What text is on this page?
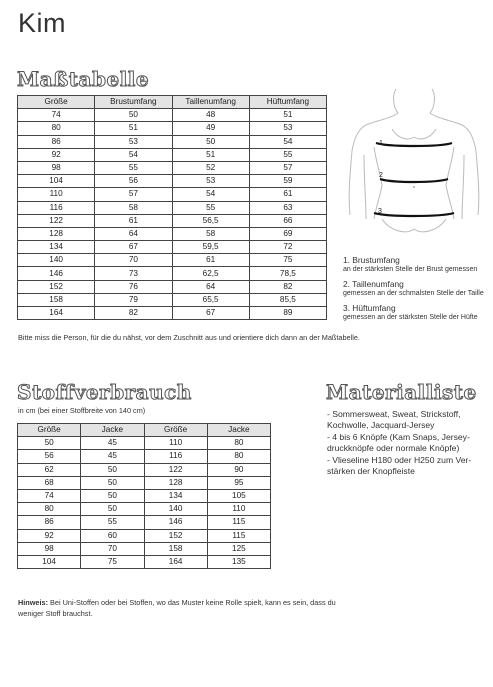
Kim
Maßtabelle
Größe	Brustumfang	Taillenumfang	Hüftumfang
74	50	48	51
80	51	49	53
86	53	50	54
92	54	51	55
98	55	52	57
104	56	53	59
110	57	54	61
116	58	55	63
122	61	56,5	66
128	64	58	69
134	67	59,5	72
140	70	61	75
146	73	62,5	78,5
152	76	64	82
158	79	65,5	85,5
164	82	67	89
Bitte miss die Person, für die du nähst, vor dem Zuschnitt aus und orientiere dich dann an der Maßtabelle.
1
2
3
1. Brustumfang
an der stärksten Stelle der Brust gemessen
2. Taillenumfang
gemessen an der schmalsten Stelle der Taille
3. Hüftumfang
gemessen an der stärksten Stelle der Hüfte
Stoffverbrauch
in cm (bei einer Stoffbreite von 140 cm)
Größe	Jacke	Größe	Jacke
50	45	110	80
56	45	116	80
62	50	122	90
68	50	128	95
74	50	134	105
80	50	140	110
86	55	146	115
92	60	152	115
98	70	158	125
104	75	164	135
Hinweis: Bei Uni-Stoffen oder bei Stoffen, wo das Muster keine Rolle spielt, kann es sein, dass du weniger Stoff brauchst.
Materialliste
- Sommersweat, Sweat, Strickstoff,
Kochwolle, Jacquard-Jersey
- 4 bis 6 Knöpfe (Kam Snaps, Jersey-
druckknöpfe oder normale Knöpfe)
- Vlieseline H180 oder H250 zum Ver-
stärken der Knopfleiste
